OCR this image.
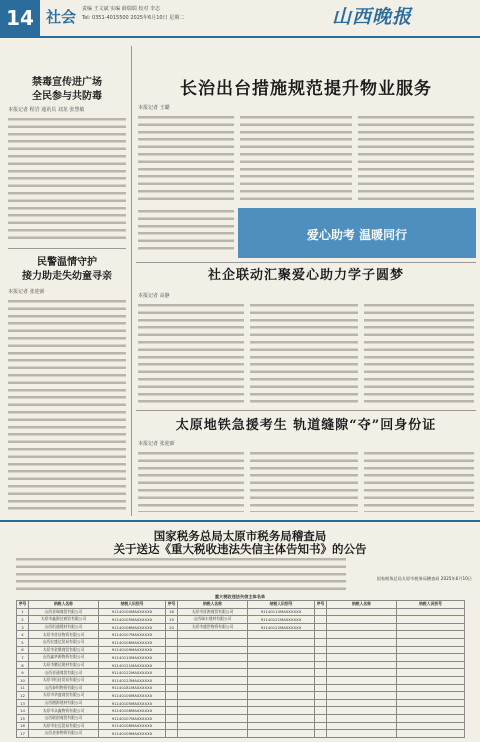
14 社会 责编 王文斌 实编 薛瑞瑞 校对 李志
Tel: 0351-4015500 2025年6月10日 星期二	山西晚报
禁毒宣传进广场
全民参与共防毒
本报记者 程岩 通讯员 刘龙 张慧敏
民警温情守护
接力助走失幼童寻亲
本报记者 张迎新
长治出台措施规范提升物业服务
本报记者 王璐
爱心助考 温暖同行
社企联动汇聚爱心助力学子圆梦
本报记者 高静
太原地铁急援考生 轨道缝隙“夺”回身份证
本报记者 张迎新
国家税务总局太原市税务局稽查局
关于送达《重大税收违法失信主体告知书》的公告
国家税务总局太原市税务局稽查局 2025年6月10日
重大税收违法失信主体名单
序号	纳税人名称	纳税人识别号	序号	纳税人名称	纳税人识别号	序号	纳税人名称	纳税人识别号
1	山西晋瑞商贸有限公司	91140100MA0XXXXX	18	太原市晋源商贸有限公司	91140110MA0XXXXX			
2	太原市鑫源达商贸有限公司	91140105MA0XXXXX	19	山西瑞丰建材有限公司	91140121MA0XXXXX			
3	山西恒通建材有限公司	91140106MA0XXXXX	20	太原市盛世物资有限公司	91140122MA0XXXXX			
4	太原市晋昌物资有限公司	91140107MA0XXXXX						
5	山西宏盛达贸易有限公司	91140108MA0XXXXX						
6	太原市金鼎商贸有限公司	91140109MA0XXXXX						
7	山西鑫华源物资有限公司	91140110MA0XXXXX						
8	太原市腾达建材有限公司	91140121MA0XXXXX						
9	山西晋通商贸有限公司	91140122MA0XXXXX						
10	太原市恒昌贸易有限公司	91140123MA0XXXXX						
11	山西泰和物资有限公司	91140181MA0XXXXX						
12	太原市华盛商贸有限公司	91140100MA0XXXXX						
13	山西德源建材有限公司	91140105MA0XXXXX						
14	太原市众鑫物资有限公司	91140106MA0XXXXX						
15	山西联创商贸有限公司	91140107MA0XXXXX						
16	太原市宏远贸易有限公司	91140108MA0XXXXX						
17	山西金泰物资有限公司	91140109MA0XXXXX						
